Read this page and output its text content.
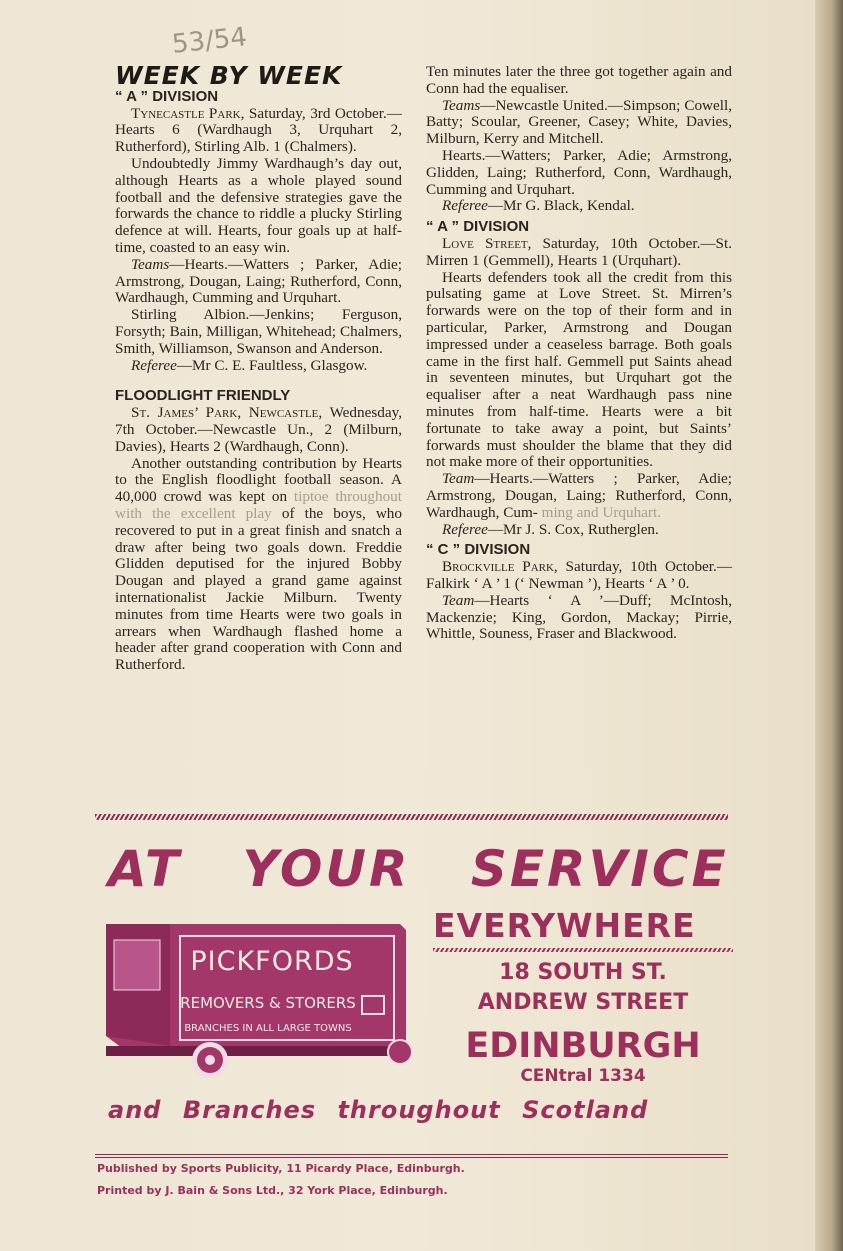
53/54
WEEK BY WEEK

“ A ” DIVISION

Tynecastle Park, Saturday, 3rd October.—Hearts 6 (Wardhaugh 3, Urquhart 2, Rutherford), Stirling Alb. 1 (Chalmers).

Undoubtedly Jimmy Wardhaugh’s day out, although Hearts as a whole played sound football and the defensive strategies gave the forwards the chance to riddle a plucky Stirling defence at will. Hearts, four goals up at half-time, coasted to an easy win.

Teams—Hearts.—Watters ; Parker, Adie; Armstrong, Dougan, Laing; Rutherford, Conn, Wardhaugh, Cumming and Urquhart.

Stirling Albion.—Jenkins; Ferguson, Forsyth; Bain, Milligan, Whitehead; Chalmers, Smith, Williamson, Swanson and Anderson.

Referee—Mr C. E. Faultless, Glasgow.

FLOODLIGHT FRIENDLY

St. James’ Park, Newcastle, Wednesday, 7th October.—Newcastle Un., 2 (Milburn, Davies), Hearts 2 (Wardhaugh, Conn).

Another outstanding contribution by Hearts to the English floodlight football season. A 40,000 crowd was kept on tiptoe throughout with the excellent play of the boys, who recovered to put in a great finish and snatch a draw after being two goals down. Freddie Glidden deputised for the injured Bobby Dougan and played a grand game against internationalist Jackie Milburn. Twenty minutes from time Hearts were two goals in arrears when Wardhaugh flashed home a header after grand cooperation with Conn and Rutherford.

Ten minutes later the three got together again and Conn had the equaliser.

Teams—Newcastle United.—Simpson; Cowell, Batty; Scoular, Greener, Casey; White, Davies, Milburn, Kerry and Mitchell.

Hearts.—Watters; Parker, Adie; Armstrong, Glidden, Laing; Rutherford, Conn, Wardhaugh, Cumming and Urquhart.

Referee—Mr G. Black, Kendal.

“ A ” DIVISION

Love Street, Saturday, 10th October.—St. Mirren 1 (Gemmell), Hearts 1 (Urquhart).

Hearts defenders took all the credit from this pulsating game at Love Street. St. Mirren’s forwards were on the top of their form and in particular, Parker, Armstrong and Dougan impressed under a ceaseless barrage. Both goals came in the first half. Gemmell put Saints ahead in seventeen minutes, but Urquhart got the equaliser after a neat Wardhaugh pass nine minutes from half-time. Hearts were a bit fortunate to take away a point, but Saints’ forwards must shoulder the blame that they did not make more of their opportunities.

Team—Hearts.—Watters ; Parker, Adie; Armstrong, Dougan, Laing; Rutherford, Conn, Wardhaugh, Cum- ming and Urquhart.

Referee—Mr J. S. Cox, Rutherglen.

“ C ” DIVISION

Brockville Park, Saturday, 10th October.—Falkirk ‘ A ’ 1 (‘ Newman ’), Hearts ‘ A ’ 0.

Team—Hearts ‘ A ’—Duff; McIntosh, Mackenzie; King, Gordon, Mackay; Pirrie, Whittle, Souness, Fraser and Blackwood.

AT YOUR SERVICE
PICKFORDS
REMOVERS & STORERS
BRANCHES IN ALL LARGE TOWNS
EVERYWHERE
18 SOUTH ST.
ANDREW STREET
EDINBURGH
CENtral 1334
and Branches throughout Scotland
Published by Sports Publicity, 11 Picardy Place, Edinburgh.
Printed by J. Bain & Sons Ltd., 32 York Place, Edinburgh.
